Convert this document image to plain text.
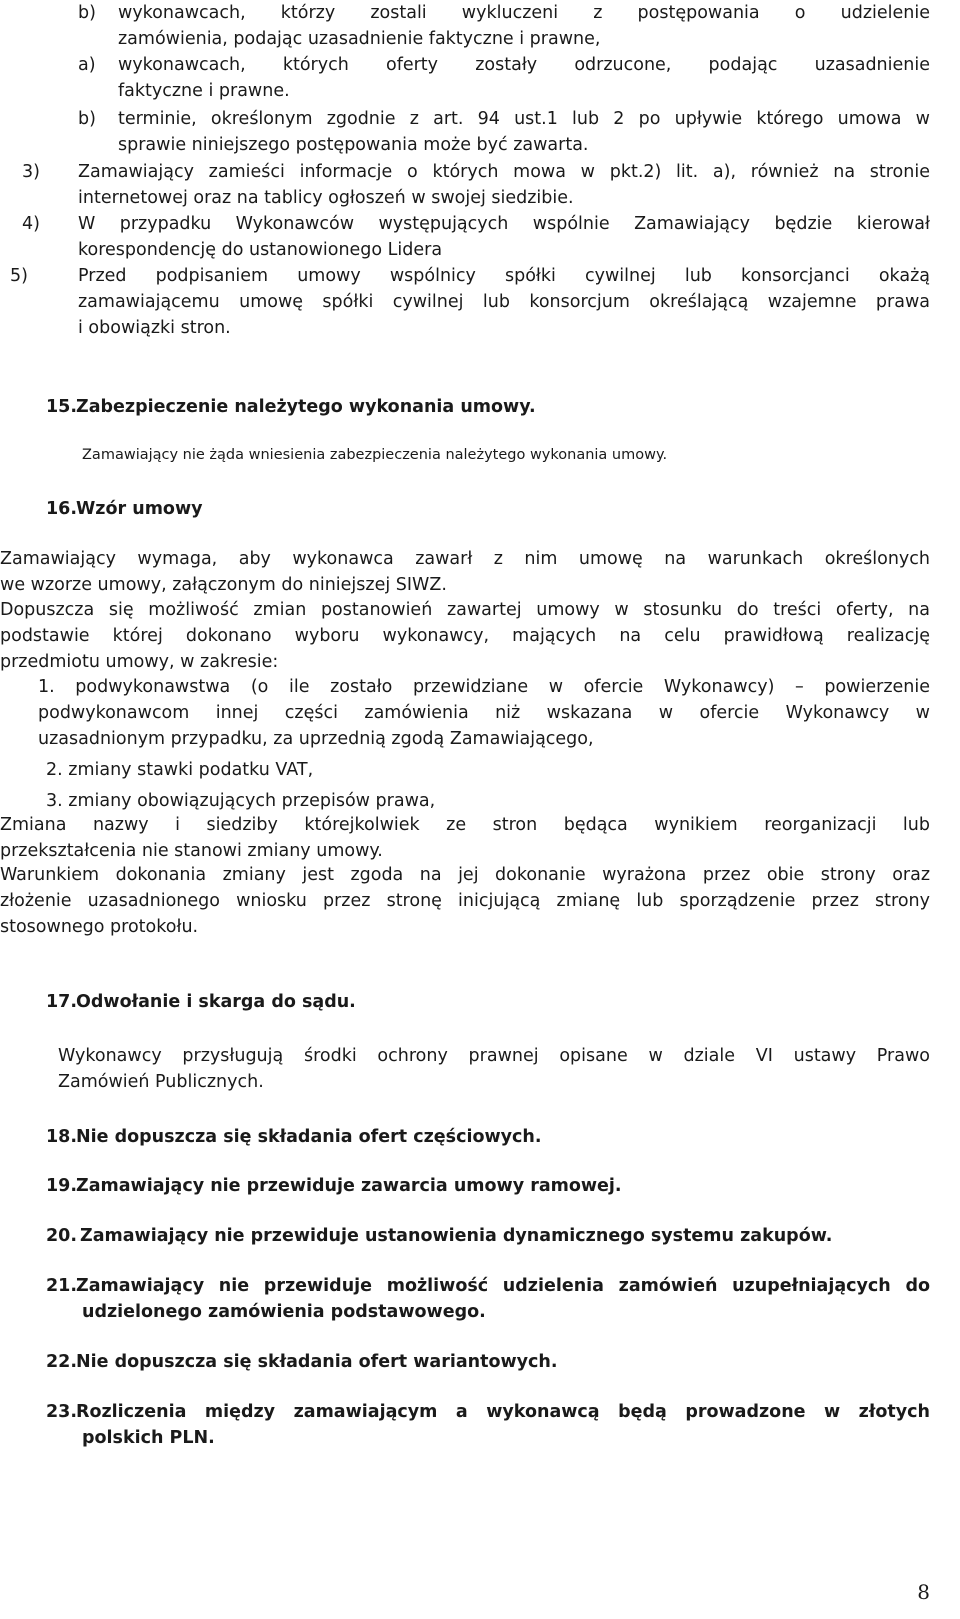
b) wykonawcach, którzy zostali wykluczeni z postępowania o udzielenie
zamówienia, podając uzasadnienie faktyczne i prawne,
a) wykonawcach, których oferty zostały odrzucone, podając uzasadnienie
faktyczne i prawne.
b) terminie, określonym zgodnie z art. 94 ust.1 lub 2 po upływie którego umowa w
sprawie niniejszego postępowania może być zawarta.
3) Zamawiający zamieści informacje o których mowa w pkt.2) lit. a), również na stronie
internetowej oraz na tablicy ogłoszeń w swojej siedzibie.
4) W przypadku Wykonawców występujących wspólnie Zamawiający będzie kierował
korespondencję do ustanowionego Lidera
5)	Przed podpisaniem umowy wspólnicy spółki cywilnej lub konsorcjanci okażą
zamawiającemu umowę spółki cywilnej lub konsorcjum określającą wzajemne prawa
i obowiązki stron.
15.
Zabezpieczenie należytego wykonania umowy.
Zamawiający nie żąda wniesienia zabezpieczenia należytego wykonania umowy.
16.
Wzór umowy
Zamawiający wymaga, aby wykonawca zawarł z nim umowę na warunkach określonych
we wzorze umowy, załączonym do niniejszej SIWZ.
Dopuszcza się możliwość zmian postanowień zawartej umowy w stosunku do treści oferty, na
podstawie której dokonano wyboru wykonawcy, mających na celu prawidłową realizację
przedmiotu umowy, w zakresie:
1. podwykonawstwa (o ile zostało przewidziane w ofercie Wykonawcy) – powierzenie
podwykonawcom innej części zamówienia niż wskazana w ofercie Wykonawcy w
uzasadnionym przypadku, za uprzednią zgodą Zamawiającego,
2. zmiany stawki podatku VAT,
3. zmiany obowiązujących przepisów prawa,
Zmiana nazwy i siedziby którejkolwiek ze stron będąca wynikiem reorganizacji lub
przekształcenia nie stanowi zmiany umowy.
Warunkiem dokonania zmiany jest zgoda na jej dokonanie wyrażona przez obie strony oraz
złożenie uzasadnionego wniosku przez stronę inicjującą zmianę lub sporządzenie przez strony
stosownego protokołu.
17.
Odwołanie i skarga do sądu.
Wykonawcy przysługują środki ochrony prawnej opisane w dziale VI ustawy Prawo
Zamówień Publicznych.
18.
Nie dopuszcza się składania ofert częściowych.
19.
Zamawiający nie przewiduje zawarcia umowy ramowej.
20. Zamawiający nie przewiduje ustanowienia dynamicznego systemu zakupów.
21.
Zamawiający nie przewiduje możliwość udzielenia zamówień uzupełniających do
udzielonego zamówienia podstawowego.
22.
Nie dopuszcza się składania ofert wariantowych.
23.
Rozliczenia między zamawiającym a wykonawcą będą prowadzone w złotych
polskich PLN.
8
